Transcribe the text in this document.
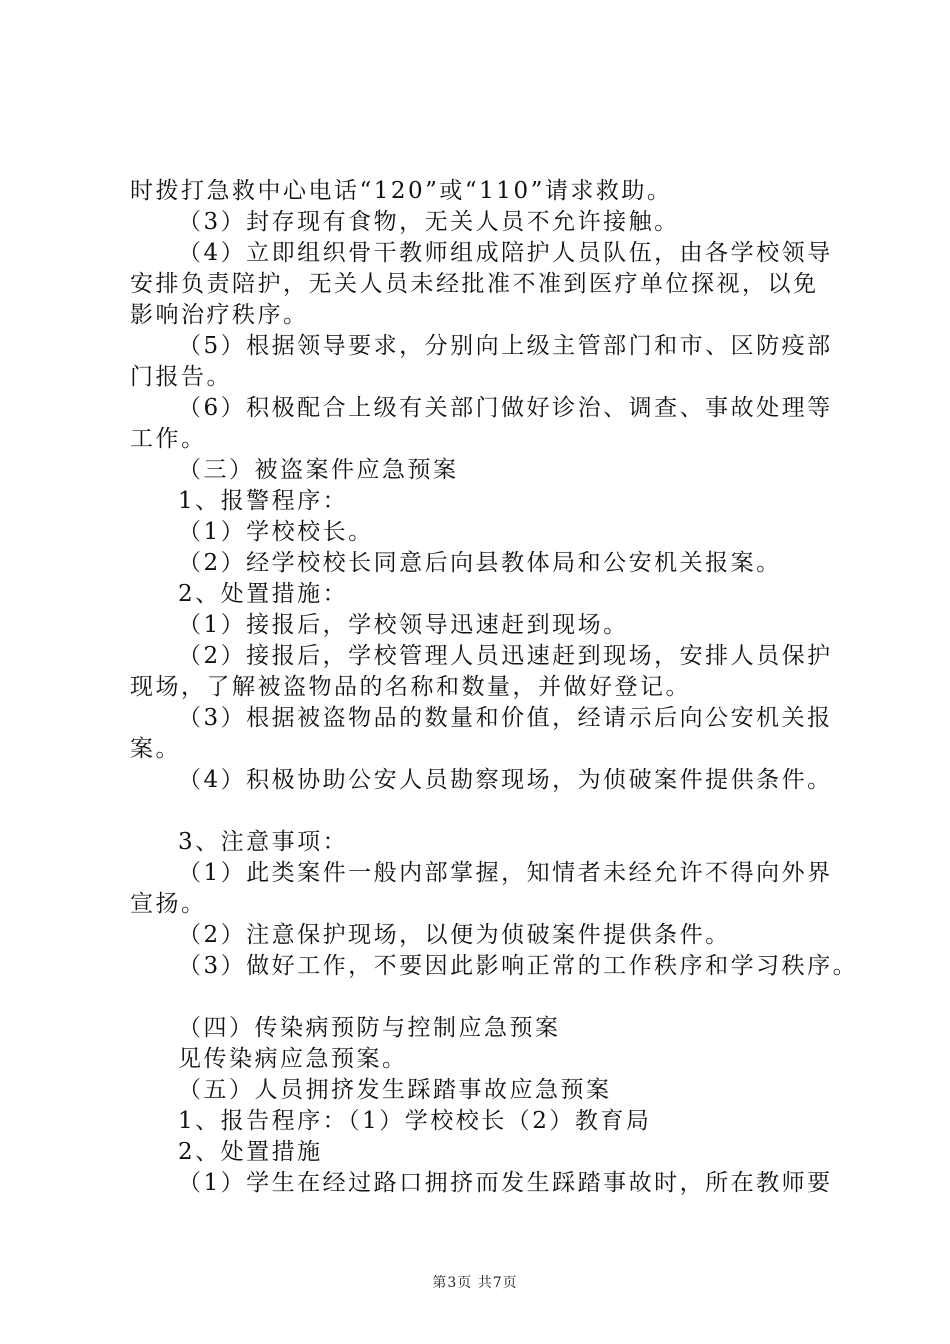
时拨打急救中心电话“120”或“110”请求救助。
（3）封存现有食物，无关人员不允许接触。
（4）立即组织骨干教师组成陪护人员队伍，由各学校领导
安排负责陪护，无关人员未经批准不准到医疗单位探视，以免
影响治疗秩序。
（5）根据领导要求，分别向上级主管部门和市、区防疫部
门报告。
（6）积极配合上级有关部门做好诊治、调查、事故处理等
工作。
（三）被盗案件应急预案
1、报警程序：
（1）学校校长。
（2）经学校校长同意后向县教体局和公安机关报案。
2、处置措施：
（1）接报后，学校领导迅速赶到现场。
（2）接报后，学校管理人员迅速赶到现场，安排人员保护
现场，了解被盗物品的名称和数量，并做好登记。
（3）根据被盗物品的数量和价值，经请示后向公安机关报
案。
（4）积极协助公安人员勘察现场，为侦破案件提供条件。
3、注意事项：
（1）此类案件一般内部掌握，知情者未经允许不得向外界
宣扬。
（2）注意保护现场，以便为侦破案件提供条件。
（3）做好工作，不要因此影响正常的工作秩序和学习秩序。
（四）传染病预防与控制应急预案
见传染病应急预案。
（五）人员拥挤发生踩踏事故应急预案
1、报告程序：（1）学校校长（2）教育局
2、处置措施
（1）学生在经过路口拥挤而发生踩踏事故时，所在教师要
第3页 共7页
